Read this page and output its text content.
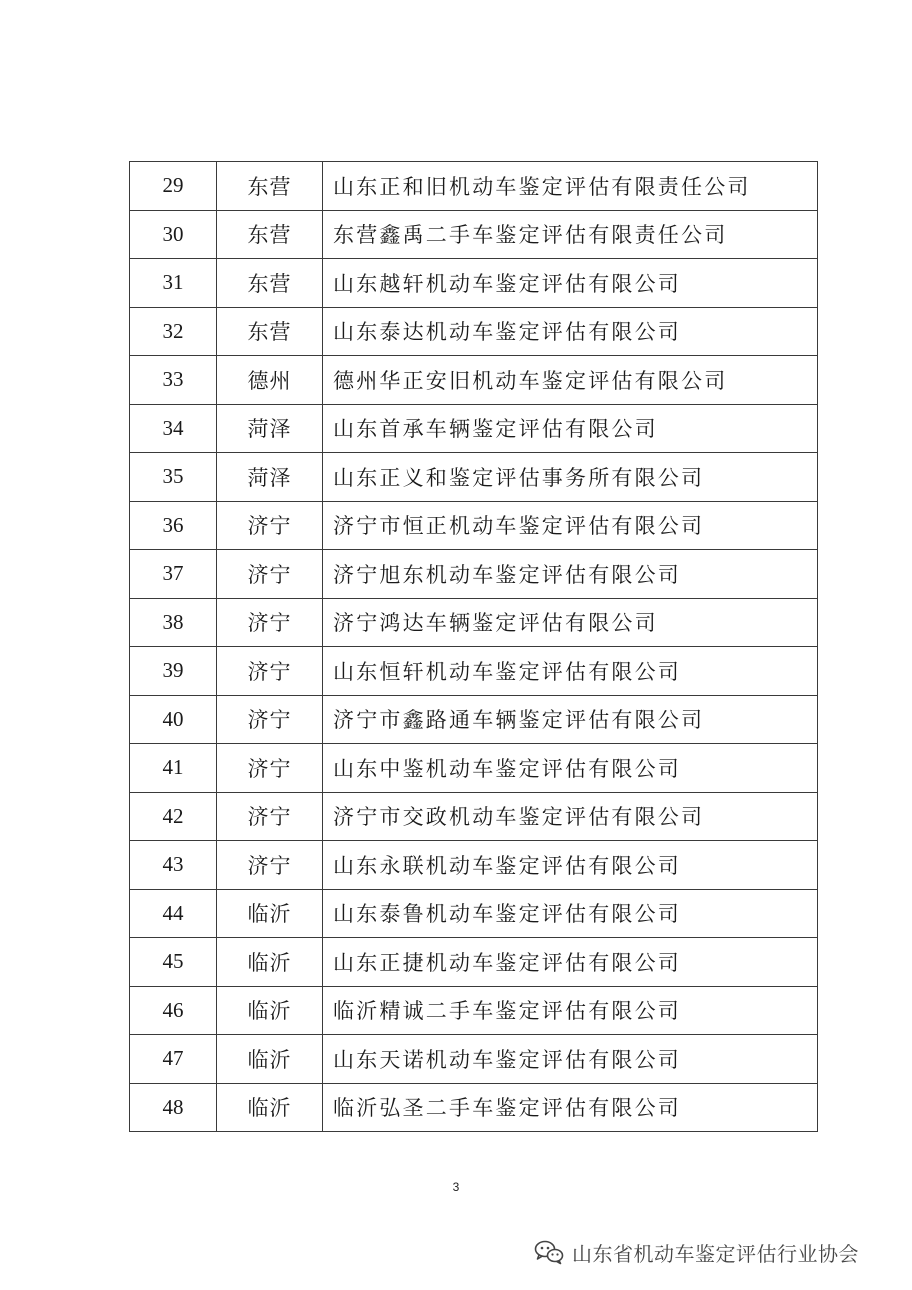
29	东营	山东正和旧机动车鉴定评估有限责任公司
30	东营	东营鑫禹二手车鉴定评估有限责任公司
31	东营	山东越轩机动车鉴定评估有限公司
32	东营	山东泰达机动车鉴定评估有限公司
33	德州	德州华正安旧机动车鉴定评估有限公司
34	菏泽	山东首承车辆鉴定评估有限公司
35	菏泽	山东正义和鉴定评估事务所有限公司
36	济宁	济宁市恒正机动车鉴定评估有限公司
37	济宁	济宁旭东机动车鉴定评估有限公司
38	济宁	济宁鸿达车辆鉴定评估有限公司
39	济宁	山东恒轩机动车鉴定评估有限公司
40	济宁	济宁市鑫路通车辆鉴定评估有限公司
41	济宁	山东中鉴机动车鉴定评估有限公司
42	济宁	济宁市交政机动车鉴定评估有限公司
43	济宁	山东永联机动车鉴定评估有限公司
44	临沂	山东泰鲁机动车鉴定评估有限公司
45	临沂	山东正捷机动车鉴定评估有限公司
46	临沂	临沂精诚二手车鉴定评估有限公司
47	临沂	山东天诺机动车鉴定评估有限公司
48	临沂	临沂弘圣二手车鉴定评估有限公司
3
山东省机动车鉴定评估行业协会
